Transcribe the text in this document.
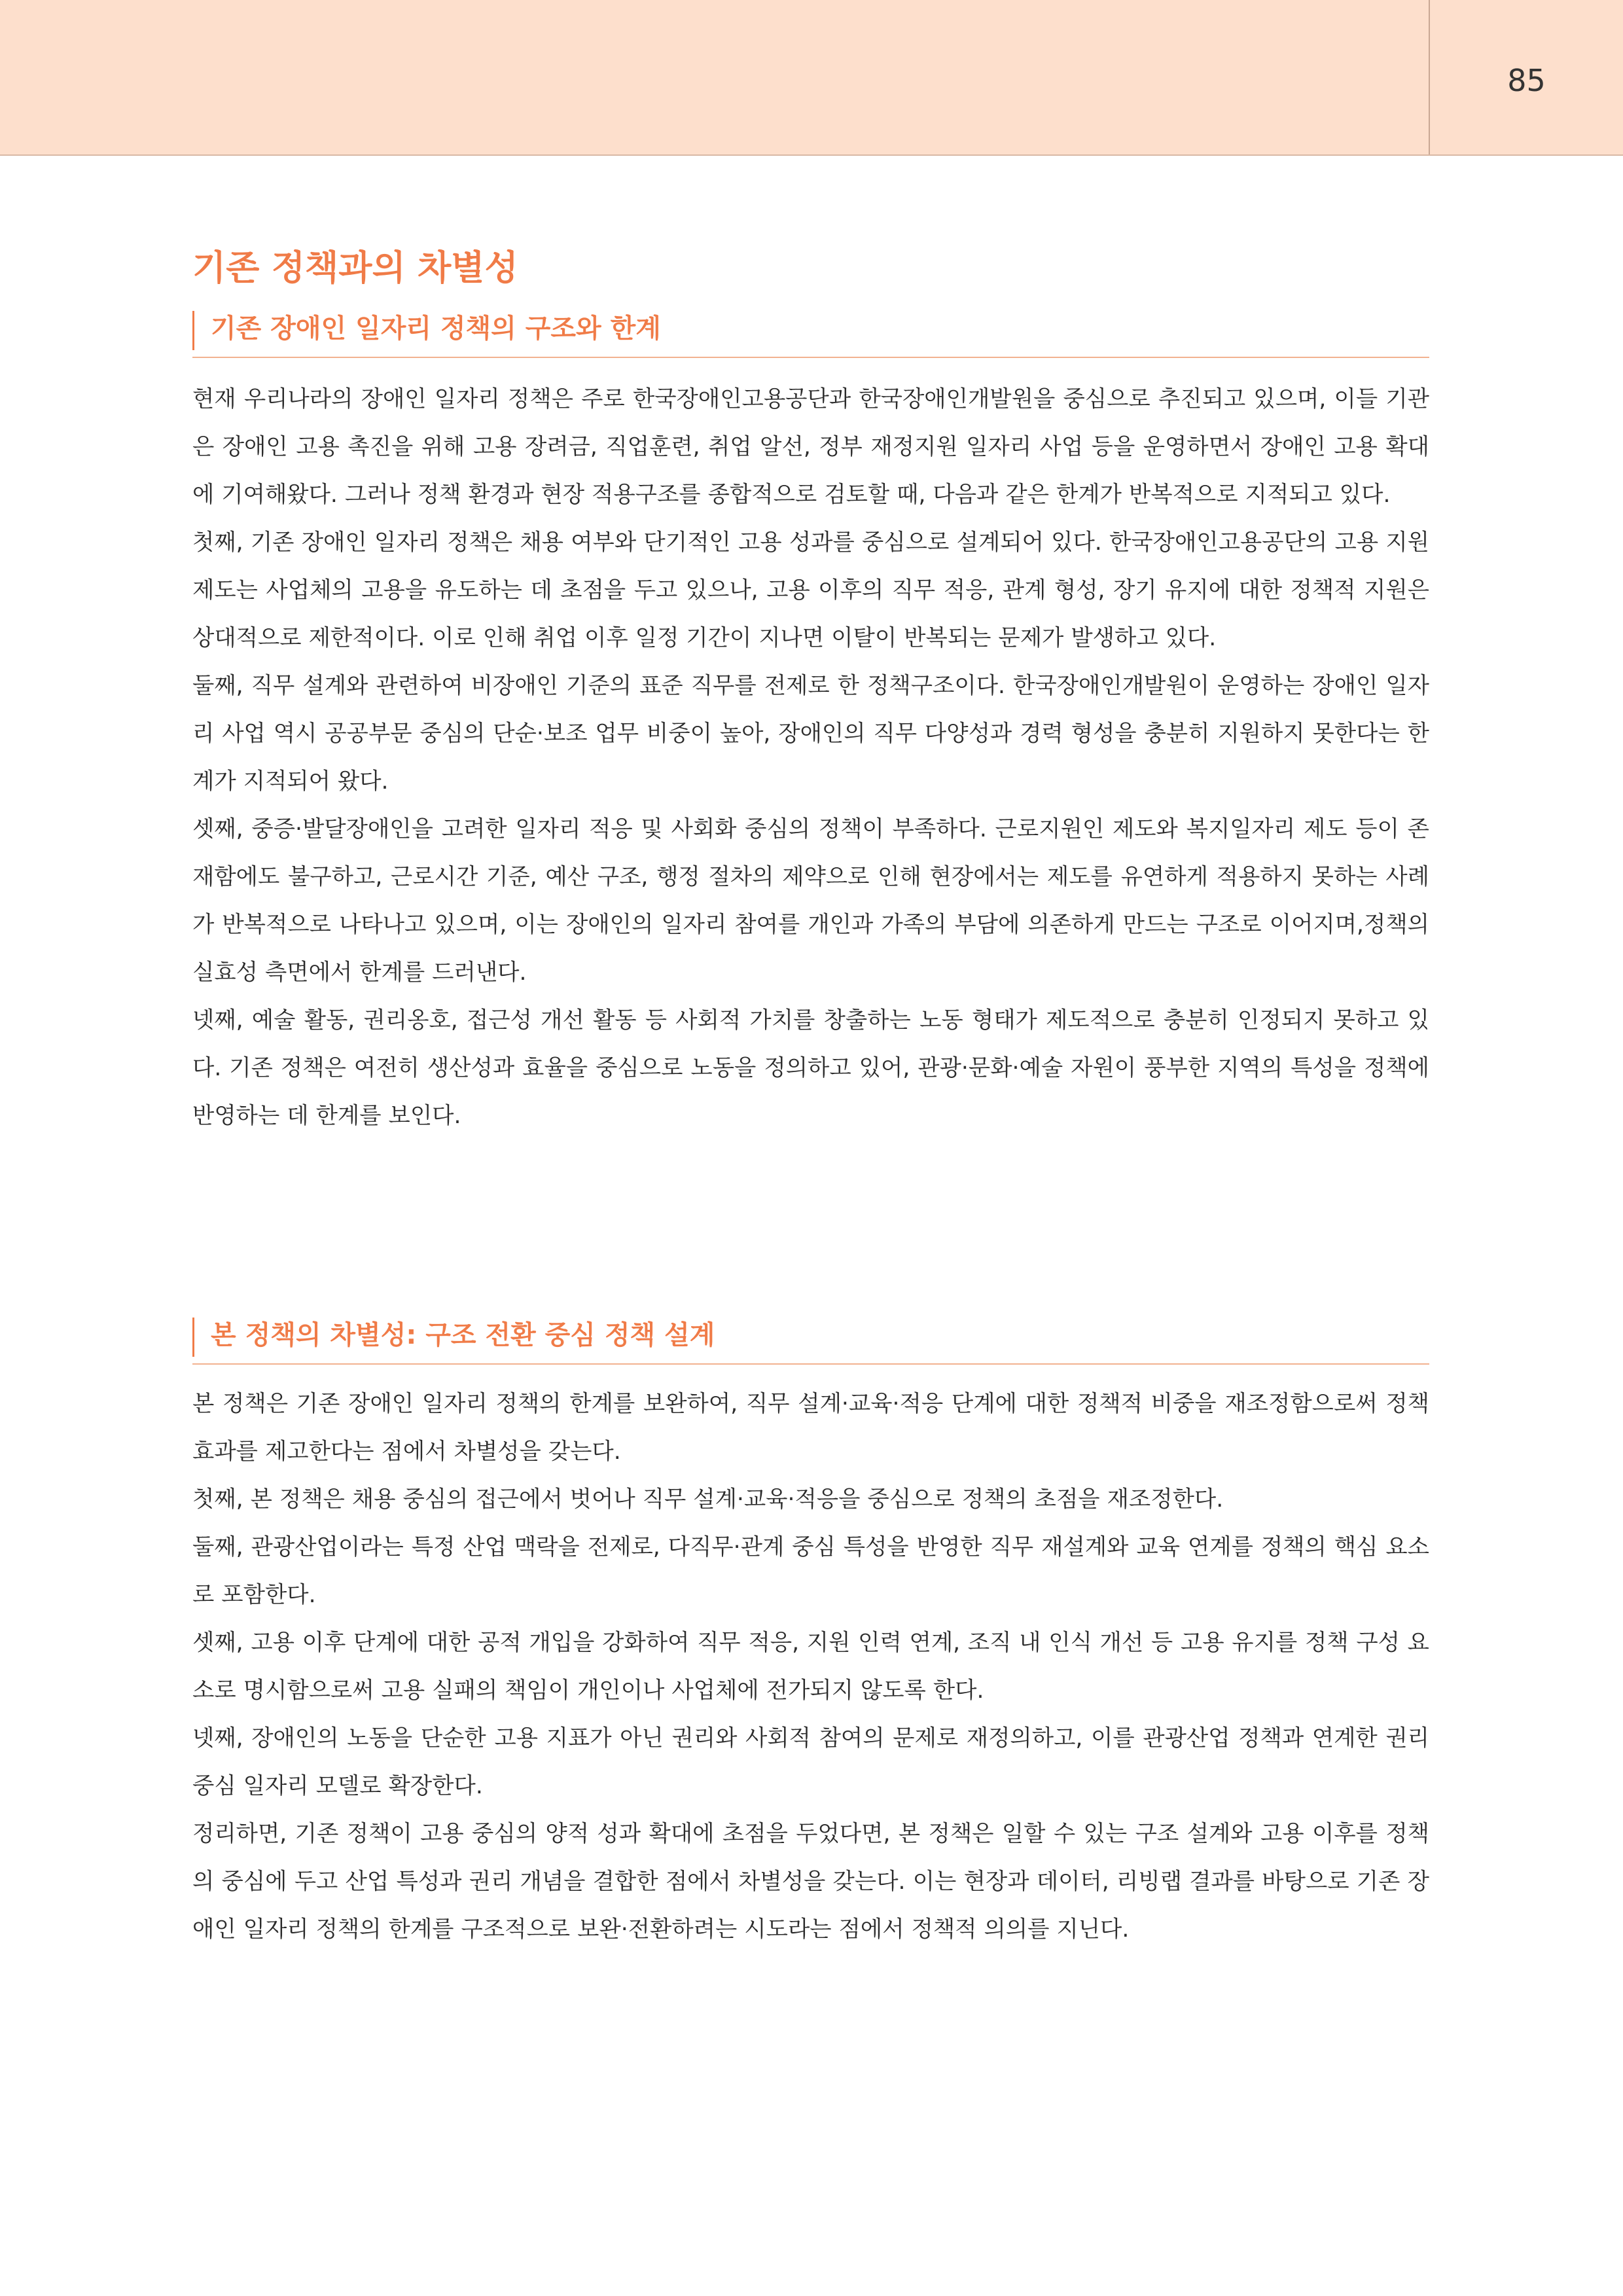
85
기존 정책과의 차별성
기존 장애인 일자리 정책의 구조와 한계

현재 우리나라의 장애인 일자리 정책은 주로 한국장애인고용공단과 한국장애인개발원을 중심으로 추진되고 있으며, 이들 기관은 장애인 고용 촉진을 위해 고용 장려금, 직업훈련, 취업 알선, 정부 재정지원 일자리 사업 등을 운영하면서 장애인 고용 확대에 기여해왔다. 그러나 정책 환경과 현장 적용구조를 종합적으로 검토할 때, 다음과 같은 한계가 반복적으로 지적되고 있다.

첫째, 기존 장애인 일자리 정책은 채용 여부와 단기적인 고용 성과를 중심으로 설계되어 있다. 한국장애인고용공단의 고용 지원 제도는 사업체의 고용을 유도하는 데 초점을 두고 있으나, 고용 이후의 직무 적응, 관계 형성, 장기 유지에 대한 정책적 지원은 상대적으로 제한적이다. 이로 인해 취업 이후 일정 기간이 지나면 이탈이 반복되는 문제가 발생하고 있다.

둘째, 직무 설계와 관련하여 비장애인 기준의 표준 직무를 전제로 한 정책구조이다. 한국장애인개발원이 운영하는 장애인 일자리 사업 역시 공공부문 중심의 단순·보조 업무 비중이 높아, 장애인의 직무 다양성과 경력 형성을 충분히 지원하지 못한다는 한계가 지적되어 왔다.

셋째, 중증·발달장애인을 고려한 일자리 적응 및 사회화 중심의 정책이 부족하다. 근로지원인 제도와 복지일자리 제도 등이 존재함에도 불구하고, 근로시간 기준, 예산 구조, 행정 절차의 제약으로 인해 현장에서는 제도를 유연하게 적용하지 못하는 사례가 반복적으로 나타나고 있으며, 이는 장애인의 일자리 참여를 개인과 가족의 부담에 의존하게 만드는 구조로 이어지며,정책의 실효성 측면에서 한계를 드러낸다.

넷째, 예술 활동, 권리옹호, 접근성 개선 활동 등 사회적 가치를 창출하는 노동 형태가 제도적으로 충분히 인정되지 못하고 있다. 기존 정책은 여전히 생산성과 효율을 중심으로 노동을 정의하고 있어, 관광·문화·예술 자원이 풍부한 지역의 특성을 정책에 반영하는 데 한계를 보인다.

본 정책의 차별성: 구조 전환 중심 정책 설계

본 정책은 기존 장애인 일자리 정책의 한계를 보완하여, 직무 설계·교육·적응 단계에 대한 정책적 비중을 재조정함으로써 정책 효과를 제고한다는 점에서 차별성을 갖는다.

첫째, 본 정책은 채용 중심의 접근에서 벗어나 직무 설계·교육·적응을 중심으로 정책의 초점을 재조정한다.

둘째, 관광산업이라는 특정 산업 맥락을 전제로, 다직무·관계 중심 특성을 반영한 직무 재설계와 교육 연계를 정책의 핵심 요소로 포함한다.

셋째, 고용 이후 단계에 대한 공적 개입을 강화하여 직무 적응, 지원 인력 연계, 조직 내 인식 개선 등 고용 유지를 정책 구성 요소로 명시함으로써 고용 실패의 책임이 개인이나 사업체에 전가되지 않도록 한다.

넷째, 장애인의 노동을 단순한 고용 지표가 아닌 권리와 사회적 참여의 문제로 재정의하고, 이를 관광산업 정책과 연계한 권리 중심 일자리 모델로 확장한다.

정리하면, 기존 정책이 고용 중심의 양적 성과 확대에 초점을 두었다면, 본 정책은 일할 수 있는 구조 설계와 고용 이후를 정책의 중심에 두고 산업 특성과 권리 개념을 결합한 점에서 차별성을 갖는다. 이는 현장과 데이터, 리빙랩 결과를 바탕으로 기존 장애인 일자리 정책의 한계를 구조적으로 보완·전환하려는 시도라는 점에서 정책적 의의를 지닌다.
